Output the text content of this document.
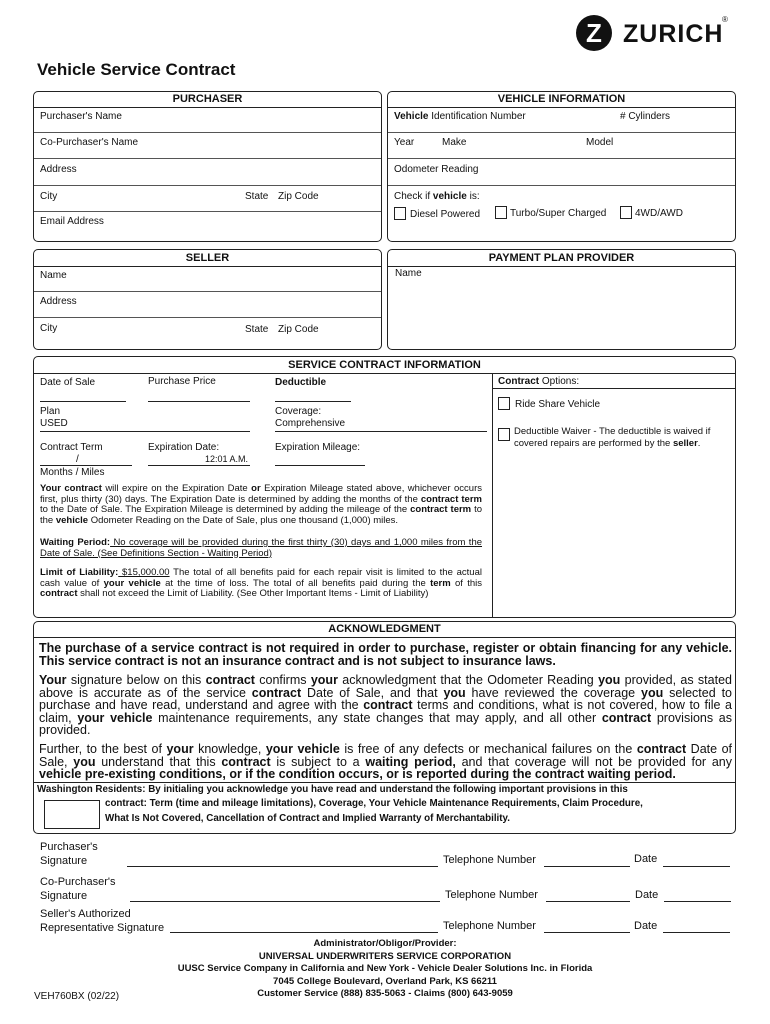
Z ZURICH
®
Vehicle Service Contract
PURCHASER
Purchaser's Name
Co-Purchaser's Name
Address
City	State Zip Code
Email Address
VEHICLE INFORMATION
Vehicle Identification Number	# Cylinders
Year	Make	Model
Odometer Reading
Check if vehicle is:
Diesel Powered	Turbo/Super Charged	4WD/AWD
SELLER
Name
Address
City	State Zip Code
PAYMENT PLAN PROVIDER
Name
SERVICE CONTRACT INFORMATION
Date of Sale	Purchase Price	Deductible
Plan
USED
Coverage:
Comprehensive
Contract Term
/
Months / Miles
Expiration Date:
12:01 A.M.
Expiration Mileage:
Your contract will expire on the Expiration Date or Expiration Mileage stated above, whichever occurs first, plus thirty (30) days. The Expiration Date is determined by adding the months of the contract term to the Date of Sale. The Expiration Mileage is determined by adding the mileage of the contract term to the vehicle Odometer Reading on the Date of Sale, plus one thousand (1,000) miles.
Waiting Period: No coverage will be provided during the first thirty (30) days and 1,000 miles from the Date of Sale. (See Definitions Section - Waiting Period)
Limit of Liability: $15,000.00 The total of all benefits paid for each repair visit is limited to the actual cash value of your vehicle at the time of loss. The total of all benefits paid during the term of this contract shall not exceed the Limit of Liability. (See Other Important Items - Limit of Liability)
Contract Options:
Ride Share Vehicle
Deductible Waiver - The deductible is waived if
covered repairs are performed by the seller.
ACKNOWLEDGMENT
The purchase of a service contract is not required in order to purchase, register or obtain financing for any vehicle. This service contract is not an insurance contract and is not subject to insurance laws.
Your signature below on this contract confirms your acknowledgment that the Odometer Reading you provided, as stated above is accurate as of the service contract Date of Sale, and that you have reviewed the coverage you selected to purchase and have read, understand and agree with the contract terms and conditions, what is not covered, how to file a claim, your vehicle maintenance requirements, any state changes that may apply, and all other contract provisions as provided.
Further, to the best of your knowledge, your vehicle is free of any defects or mechanical failures on the contract Date of Sale, you understand that this contract is subject to a waiting period, and that coverage will not be provided for any vehicle pre-existing conditions, or if the condition occurs, or is reported during the contract waiting period.
Washington Residents: By initialing you acknowledge you have read and understand the following important provisions in this
contract: Term (time and mileage limitations), Coverage, Your Vehicle Maintenance Requirements, Claim Procedure,
What Is Not Covered, Cancellation of Contract and Implied Warranty of Merchantability.
Purchaser's
Signature	Telephone Number	Date
Co-Purchaser's
Signature	Telephone Number	Date
Seller's Authorized
Representative Signature	Telephone Number	Date
Administrator/Obligor/Provider:
UNIVERSAL UNDERWRITERS SERVICE CORPORATION
UUSC Service Company in California and New York - Vehicle Dealer Solutions Inc. in Florida
7045 College Boulevard, Overland Park, KS 66211
Customer Service (888) 835-5063 - Claims (800) 643-9059
VEH760BX (02/22)
